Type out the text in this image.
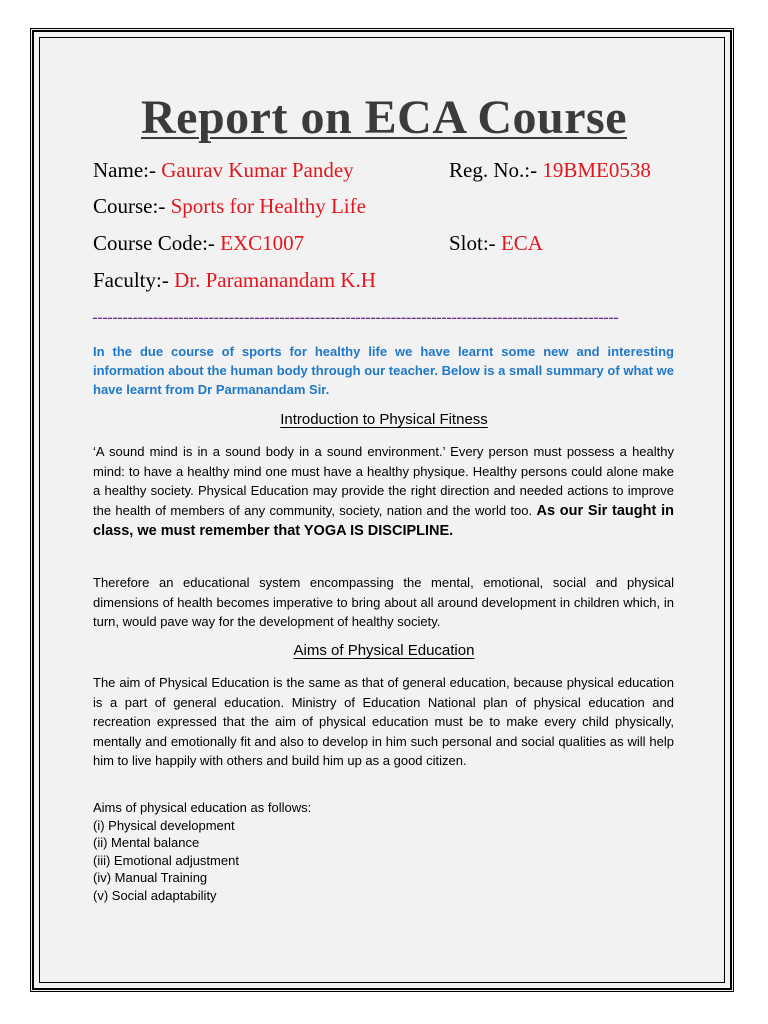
Report on ECA Course
Name:- Gaurav Kumar Pandey	Reg. No.:- 19BME0538
Course:- Sports for Healthy Life
Course Code:- EXC1007	Slot:- ECA
Faculty:- Dr. Paramanandam K.H
--------------------------------------------------------------------------------------------------------

In the due course of sports for healthy life we have learnt some new and interesting information about the human body through our teacher. Below is a small summary of what we have learnt from Dr Parmanandam Sir.

Introduction to Physical Fitness

‘A sound mind is in a sound body in a sound environment.’ Every person must possess a healthy mind: to have a healthy mind one must have a healthy physique. Healthy persons could alone make a healthy society. Physical Education may provide the right direction and needed actions to improve the health of members of any community, society, nation and the world too. As our Sir taught in class, we must remember that YOGA IS DISCIPLINE.

Therefore an educational system encompassing the mental, emotional, social and physical dimensions of health becomes imperative to bring about all around development in children which, in turn, would pave way for the development of healthy society.

Aims of Physical Education

The aim of Physical Education is the same as that of general education, because physical education is a part of general education. Ministry of Education National plan of physical education and recreation expressed that the aim of physical education must be to make every child physically, mentally and emotionally fit and also to develop in him such personal and social qualities as will help him to live happily with others and build him up as a good citizen.

Aims of physical education as follows:
(i) Physical development
(ii) Mental balance
(iii) Emotional adjustment
(iv) Manual Training
(v) Social adaptability
